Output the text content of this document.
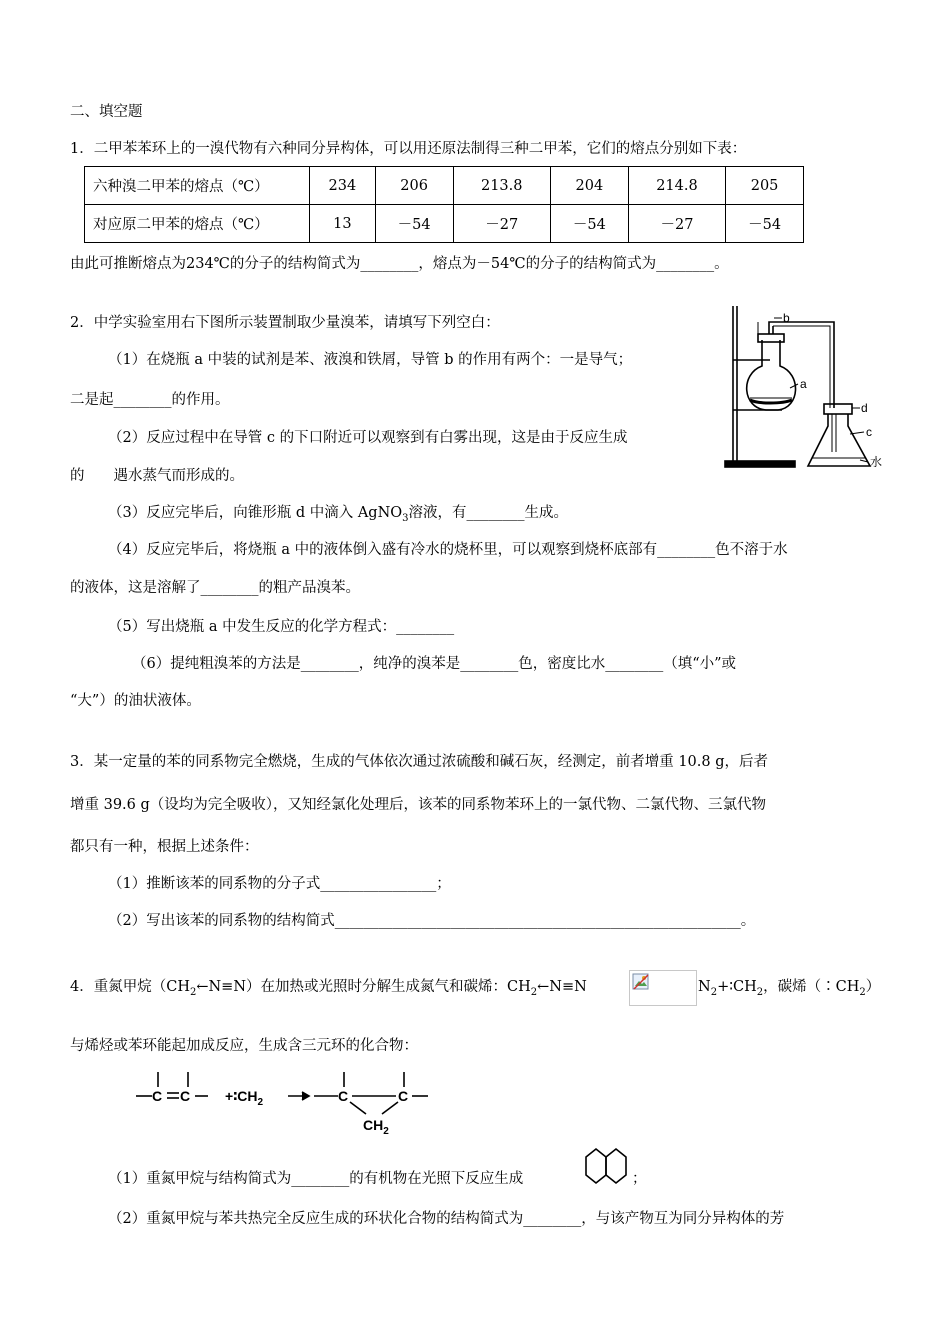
二、填空题
1．二甲苯苯环上的一溴代物有六种同分异构体，可以用还原法制得三种二甲苯，它们的熔点分别如下表：
六种溴二甲苯的熔点（℃）	234	206	213.8	204	214.8	205
对应原二甲苯的熔点（℃）	13	－54	－27	－54	－27	－54
由此可推断熔点为234℃的分子的结构简式为________，熔点为－54℃的分子的结构简式为________。
2．中学实验室用右下图所示装置制取少量溴苯，请填写下列空白：
（1）在烧瓶 a 中装的试剂是苯、液溴和铁屑，导管 b 的作用有两个：一是导气；
二是起________的作用。
（2）反应过程中在导管 c 的下口附近可以观察到有白雾出现，这是由于反应生成
的　　遇水蒸气而形成的。
（3）反应完毕后，向锥形瓶 d 中滴入 AgNO$_3$溶液，有________生成。
（4）反应完毕后，将烧瓶 a 中的液体倒入盛有冷水的烧杯里，可以观察到烧杯底部有________色不溶于水
的液体，这是溶解了________的粗产品溴苯。
（5）写出烧瓶 a 中发生反应的化学方程式：________
（6）提纯粗溴苯的方法是________，纯净的溴苯是________色，密度比水________（填“小”或
“大”）的油状液体。
b
a
d
c
水
3．某一定量的苯的同系物完全燃烧，生成的气体依次通过浓硫酸和碱石灰，经测定，前者增重 10.8 g，后者
增重 39.6 g（设均为完全吸收），又知经氯化处理后，该苯的同系物苯环上的一氯代物、二氯代物、三氯代物
都只有一种，根据上述条件：
（1）推断该苯的同系物的分子式________________；
（2）写出该苯的同系物的结构简式________________________________________________________。
4．重氮甲烷$(CH_2\leftarrow N\equiv N)$在加热或光照时分解生成氮气和碳烯：$CH_2\leftarrow N\equiv N$	$N_2+∶CH_2$，碳烯$(∶CH_2)$
与烯烃或苯环能起加成反应，生成含三元环的化合物：
C $C +∶CH_2$	C	C
$CH_2$
（1）重氮甲烷与结构简式为________的有机物在光照下反应生成	；
（2）重氮甲烷与苯共热完全反应生成的环状化合物的结构简式为________，与该产物互为同分异构体的芳
